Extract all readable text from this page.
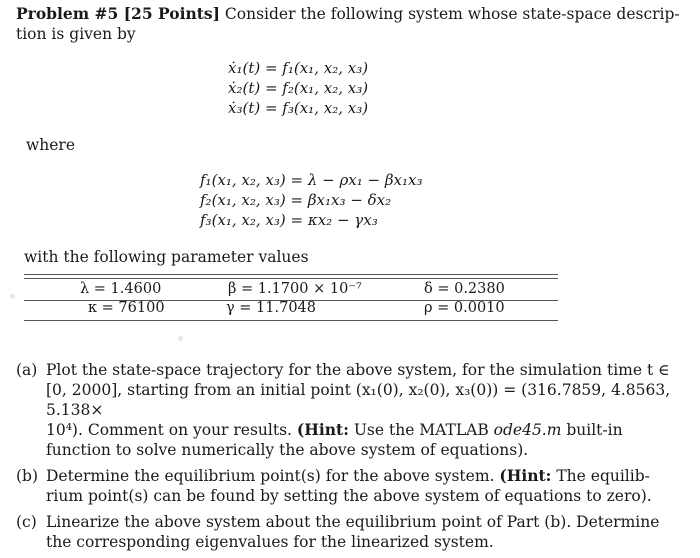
Problem #5 [25 Points] Consider the following system whose state-space descrip-
tion is given by
ẋ₁(t) = f₁(x₁, x₂, x₃)
ẋ₂(t) = f₂(x₁, x₂, x₃)
ẋ₃(t) = f₃(x₁, x₂, x₃)
where
f₁(x₁, x₂, x₃) = λ − ρx₁ − βx₁x₃
f₂(x₁, x₂, x₃) = βx₁x₃ − δx₂
f₃(x₁, x₂, x₃) = κx₂ − γx₃
with the following parameter values
λ = 1.4600	β = 1.1700 × 10⁻⁷	δ = 0.2380
κ = 76100	γ = 11.7048	ρ = 0.0010
(a) Plot the state-space trajectory for the above system, for the simulation time t ∈
[0, 2000], starting from an initial point (x₁(0), x₂(0), x₃(0)) = (316.7859, 4.8563, 5.138×
10⁴). Comment on your results. (Hint: Use the MATLAB ode45.m built-in
function to solve numerically the above system of equations).
(b) Determine the equilibrium point(s) for the above system. (Hint: The equilib-
rium point(s) can be found by setting the above system of equations to zero).
(c) Linearize the above system about the equilibrium point of Part (b). Determine
the corresponding eigenvalues for the linearized system.
